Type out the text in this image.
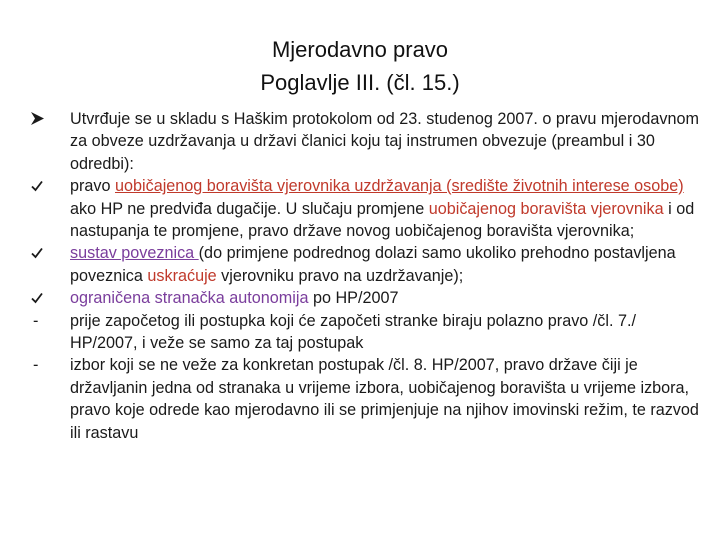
Mjerodavno pravo
Poglavlje III. (čl. 15.)
Utvrđuje se u skladu s Haškim protokolom od 23. studenog 2007. o pravu mjerodavnom za obveze uzdržavanja u državi članici koju taj instrumen obvezuje (preambul i 30 odredbi):
pravo uobičajenog boravišta vjerovnika uzdržavanja (središte životnih interese osobe) ako HP ne predviđa dugačije. U slučaju promjene uobičajenog boravišta vjerovnika i od nastupanja te promjene, pravo države novog uobičajenog boravišta vjerovnika;
sustav poveznica (do primjene podrednog dolazi samo ukoliko prehodno postavljena poveznica uskraćuje vjerovniku pravo na uzdržavanje);
ograničena stranačka autonomija po HP/2007
-	prije započetog ili postupka koji će započeti stranke biraju polazno pravo /čl. 7./ HP/2007, i veže se samo za taj postupak
-	izbor koji se ne veže za konkretan postupak /čl. 8. HP/2007, pravo države čiji je državljanin jedna od stranaka u vrijeme izbora, uobičajenog boravišta u vrijeme izbora, pravo koje odrede kao mjerodavno ili se primjenjuje na njihov imovinski režim, te razvod ili rastavu
